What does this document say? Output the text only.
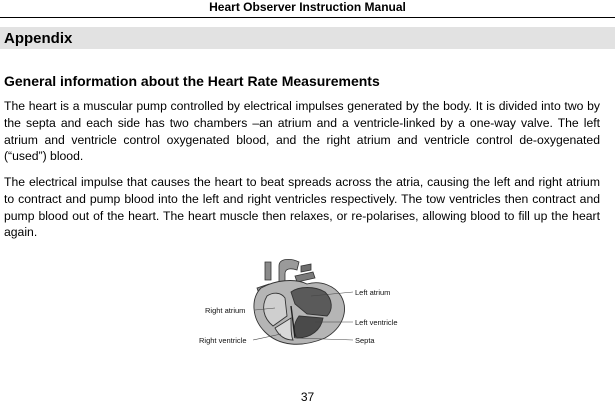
Heart Observer Instruction Manual
Appendix
General information about the Heart Rate Measurements

The heart is a muscular pump controlled by electrical impulses generated by the body. It is divided into two by the septa and each side has two chambers –an atrium and a ventricle-linked by a one-way valve. The left atrium and ventricle control oxygenated blood, and the right atrium and ventricle control de-oxygenated (“used”) blood.

The electrical impulse that causes the heart to beat spreads across the atria, causing the left and right atrium to contract and pump blood into the left and right ventricles respectively. The tow ventricles then contract and pump blood out of the heart. The heart muscle then relaxes, or re-polarises, allowing blood to fill up the heart again.

Left atrium
Right atrium
Left ventricle
Right ventricle	Septa
37
